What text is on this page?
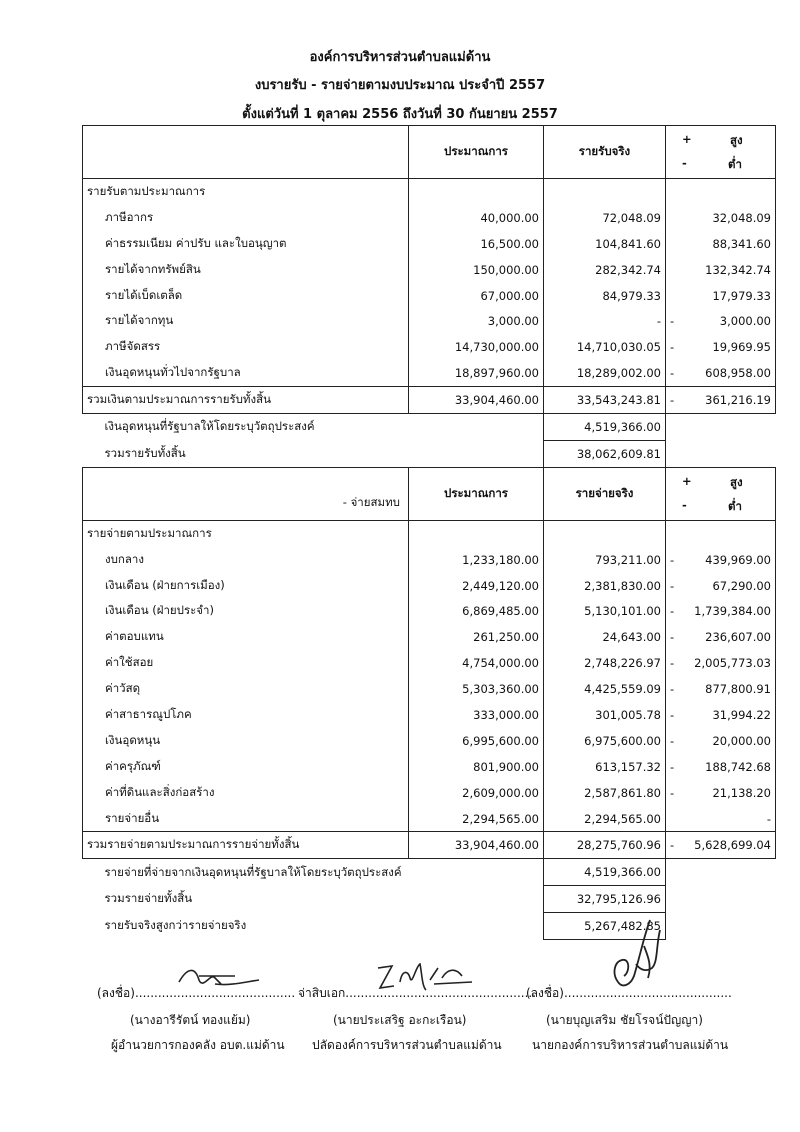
องค์การบริหารส่วนตำบลแม่ด้าน
งบรายรับ - รายจ่ายตามงบประมาณ ประจำปี 2557
ตั้งแต่วันที่ 1 ตุลาคม 2556 ถึงวันที่ 30 กันยายน 2557
	ประมาณการ	รายรับจริง	+
-
สูง
ต่ำ

รายรับตามประมาณการ			
ภาษีอากร	40,000.00	72,048.09	32,048.09
ค่าธรรมเนียม ค่าปรับ และใบอนุญาต	16,500.00	104,841.60	88,341.60
รายได้จากทรัพย์สิน	150,000.00	282,342.74	132,342.74
รายได้เบ็ดเตล็ด	67,000.00	84,979.33	17,979.33
รายได้จากทุน	3,000.00	-	- 3,000.00
ภาษีจัดสรร	14,730,000.00	14,710,030.05	- 19,969.95
เงินอุดหนุนทั่วไปจากรัฐบาล	18,897,960.00	18,289,002.00	- 608,958.00
รวมเงินตามประมาณการรายรับทั้งสิ้น	33,904,460.00	33,543,243.81	- 361,216.19
เงินอุดหนุนที่รัฐบาลให้โดยระบุวัตถุประสงค์		4,519,366.00	
รวมรายรับทั้งสิ้น		38,062,609.81	

- จ่ายสมทบ	ประมาณการ	รายจ่ายจริง	+
-
สูง
ต่ำ

รายจ่ายตามประมาณการ			
งบกลาง	1,233,180.00	793,211.00	- 439,969.00
เงินเดือน (ฝ่ายการเมือง)	2,449,120.00	2,381,830.00	- 67,290.00
เงินเดือน (ฝ่ายประจำ)	6,869,485.00	5,130,101.00	- 1,739,384.00
ค่าตอบแทน	261,250.00	24,643.00	- 236,607.00
ค่าใช้สอย	4,754,000.00	2,748,226.97	- 2,005,773.03
ค่าวัสดุ	5,303,360.00	4,425,559.09	- 877,800.91
ค่าสาธารณูปโภค	333,000.00	301,005.78	- 31,994.22
เงินอุดหนุน	6,995,600.00	6,975,600.00	- 20,000.00
ค่าครุภัณฑ์	801,900.00	613,157.32	- 188,742.68
ค่าที่ดินและสิ่งก่อสร้าง	2,609,000.00	2,587,861.80	- 21,138.20
รายจ่ายอื่น	2,294,565.00	2,294,565.00	-
รวมรายจ่ายตามประมาณการรายจ่ายทั้งสิ้น	33,904,460.00	28,275,760.96	- 5,628,699.04
รายจ่ายที่จ่ายจากเงินอุดหนุนที่รัฐบาลให้โดยระบุวัตถุประสงค์		4,519,366.00	
รวมรายจ่ายทั้งสิ้น		32,795,126.96	
รายรับจริงสูงกว่ารายจ่ายจริง		5,267,482.85	
(ลงชื่อ)..........................................
(นางอารีรัตน์ ทองแย้ม)
ผู้อำนวยการกองคลัง อบต.แม่ด้าน
จ่าสิบเอก..................................................
(นายประเสริฐ อะกะเรือน)
ปลัดองค์การบริหารส่วนตำบลแม่ด้าน
(ลงชื่อ)............................................
(นายบุญเสริม ชัยโรจน์ปัญญา)
นายกองค์การบริหารส่วนตำบลแม่ด้าน
